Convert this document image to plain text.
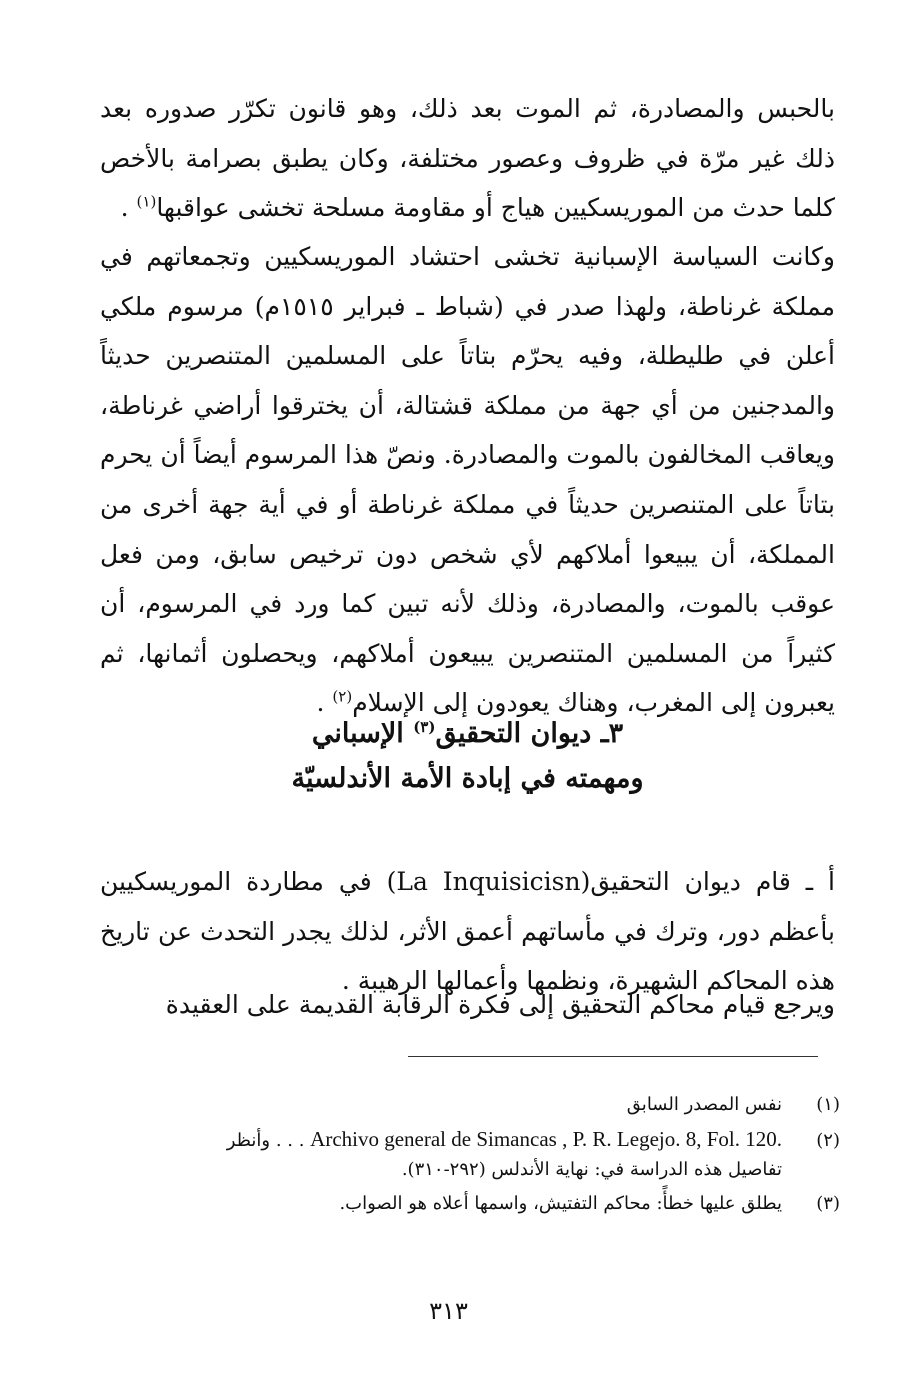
بالحبس والمصادرة، ثم الموت بعد ذلك، وهو قانون تكرّر صدوره بعد ذلك غير مرّة في ظروف وعصور مختلفة، وكان يطبق بصرامة بالأخص كلما حدث من الموريسكيين هياج أو مقاومة مسلحة تخشى عواقبها$^{(١)}$ .

وكانت السياسة الإسبانية تخشى احتشاد الموريسكيين وتجمعاتهم في مملكة غرناطة، ولهذا صدر في (شباط ـ فبراير ١٥١٥م) مرسوم ملكي أعلن في طليطلة، وفيه يحرّم بتاتاً على المسلمين المتنصرين حديثاً والمدجنين من أي جهة من مملكة قشتالة، أن يخترقوا أراضي غرناطة، ويعاقب المخالفون بالموت والمصادرة. ونصّ هذا المرسوم أيضاً أن يحرم بتاتاً على المتنصرين حديثاً في مملكة غرناطة أو في أية جهة أخرى من المملكة، أن يبيعوا أملاكهم لأي شخص دون ترخيص سابق، ومن فعل عوقب بالموت، والمصادرة، وذلك لأنه تبين كما ورد في المرسوم، أن كثيراً من المسلمين المتنصرين يبيعون أملاكهم، ويحصلون أثمانها، ثم يعبرون إلى المغرب، وهناك يعودون إلى الإسلام$^{(٢)}$ .

٣ـ ديوان التحقيق$^{(٣)}$ الإسباني

ومهمته في إبادة الأمة الأندلسيّة

أ ـ قام ديوان التحقيق(La Inquisicisn) في مطاردة الموريسكيين بأعظم دور، وترك في مأساتهم أعمق الأثر، لذلك يجدر التحدث عن تاريخ هذه المحاكم الشهيرة، ونظمها وأعمالها الرهيبة .

ويرجع قيام محاكم التحقيق إلى فكرة الرقابة القديمة على العقيدة

(١)نفس المصدر السابق

(٢)Archivo general de Simancas , P. R. Legejo. 8, Fol. 120. . . . وأنظر

تفاصيل هذه الدراسة في: نهاية الأندلس (٢٩٢-٣١٠).

(٣)يطلق عليها خطأً: محاكم التفتيش، واسمها أعلاه هو الصواب.

٣١٣
